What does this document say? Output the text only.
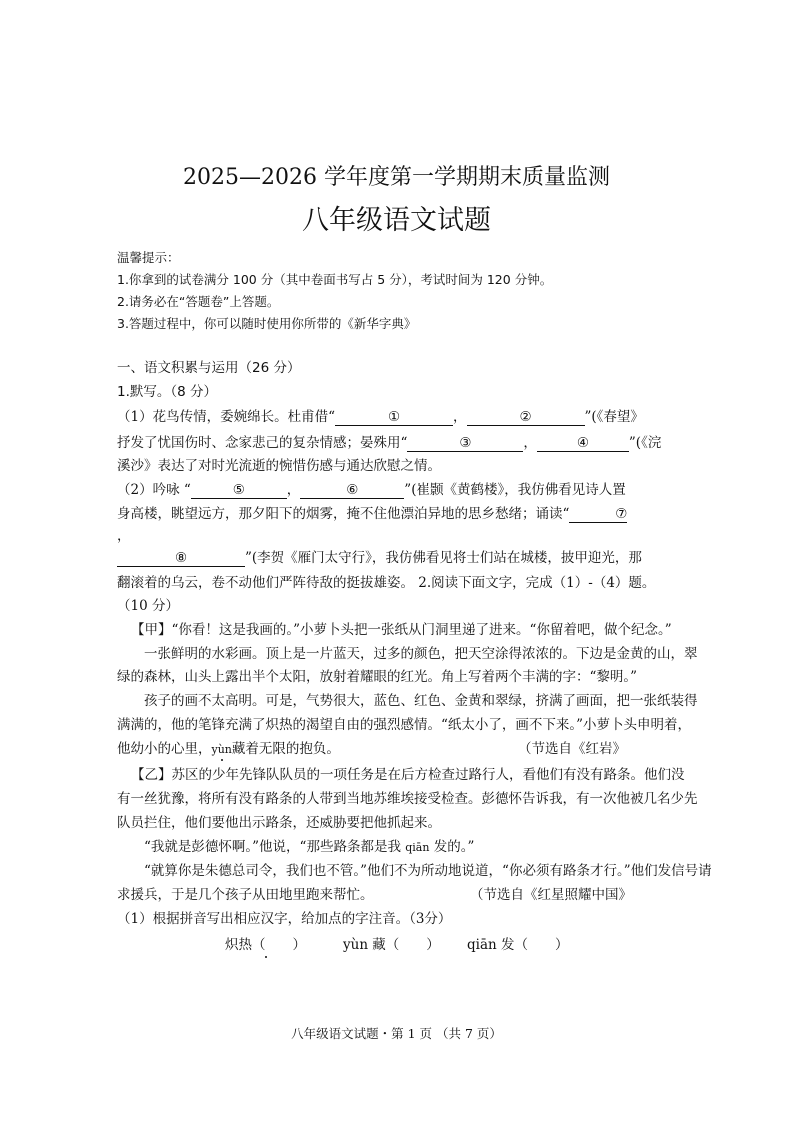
2025—2026 学年度第一学期期末质量监测
八年级语文试题
温馨提示：
1.你拿到的试卷满分 100 分（其中卷面书写占 5 分），考试时间为 120 分钟。
2.请务必在“答题卷”上答题。
3.答题过程中，你可以随时使用你所带的《新华字典》
一、语文积累与运用（26 分）
1.默写。（8 分）
（1）花鸟传情，委婉绵长。杜甫借“	①	，	②	”(《春望》
抒发了忧国伤时、念家悲己的复杂情感；晏殊用“	③	，	④	”(《浣
溪沙》表达了对时光流逝的惋惜伤感与通达欣慰之情。
（2）吟咏 “	⑤	，	⑥	”(崔颢《黄鹤楼》，我仿佛看见诗人置
身高楼，眺望远方，那夕阳下的烟雾，掩不住他漂泊异地的思乡愁绪；诵读“	⑦
，
⑧	”(李贺《雁门太守行》，我仿佛看见将士们站在城楼，披甲迎光，那
翻滚着的乌云，卷不动他们严阵待敌的挺拔雄姿。 2.阅读下面文字，完成（1）-（4）题。
（10 分）
【甲】“你看！这是我画的。”小萝卜头把一张纸从门洞里递了进来。“你留着吧，做个纪念。”
一张鲜明的水彩画。顶上是一片蓝天，过多的颜色，把天空涂得浓浓的。下边是金黄的山，翠
绿的森林，山头上露出半个太阳，放射着耀眼的红光。角上写着两个丰满的字：“黎明。”
孩子的画不太高明。可是，气势很大，蓝色、红色、金黄和翠绿，挤满了画面，把一张纸装得
满满的，他的笔锋充满了炽热的渴望自由的强烈感情。“纸太小了，画不下来。”小萝卜头申明着，
他幼小的心里，yùn藏着无限的抱负。	（节选自《红岩》
【乙】苏区的少年先锋队队员的一项任务是在后方检查过路行人，看他们有没有路条。他们没
有一丝犹豫，将所有没有路条的人带到当地苏维埃接受检查。彭德怀告诉我，有一次他被几名少先
队员拦住，他们要他出示路条，还威胁要把他抓起来。
“我就是彭德怀啊。”他说，“那些路条都是我 qiān 发的。”
“就算你是朱德总司令，我们也不管。”他们不为所动地说道，“你必须有路条才行。”他们发信号请
求援兵，于是几个孩子从田地里跑来帮忙。	（节选自《红星照耀中国》
（1）根据拼音写出相应汉字，给加点的字注音。（3分）
炽热（　　）	yùn 藏（　　） qiān 发（　　）
八年级语文试题・第 1 页 （共 7 页）
